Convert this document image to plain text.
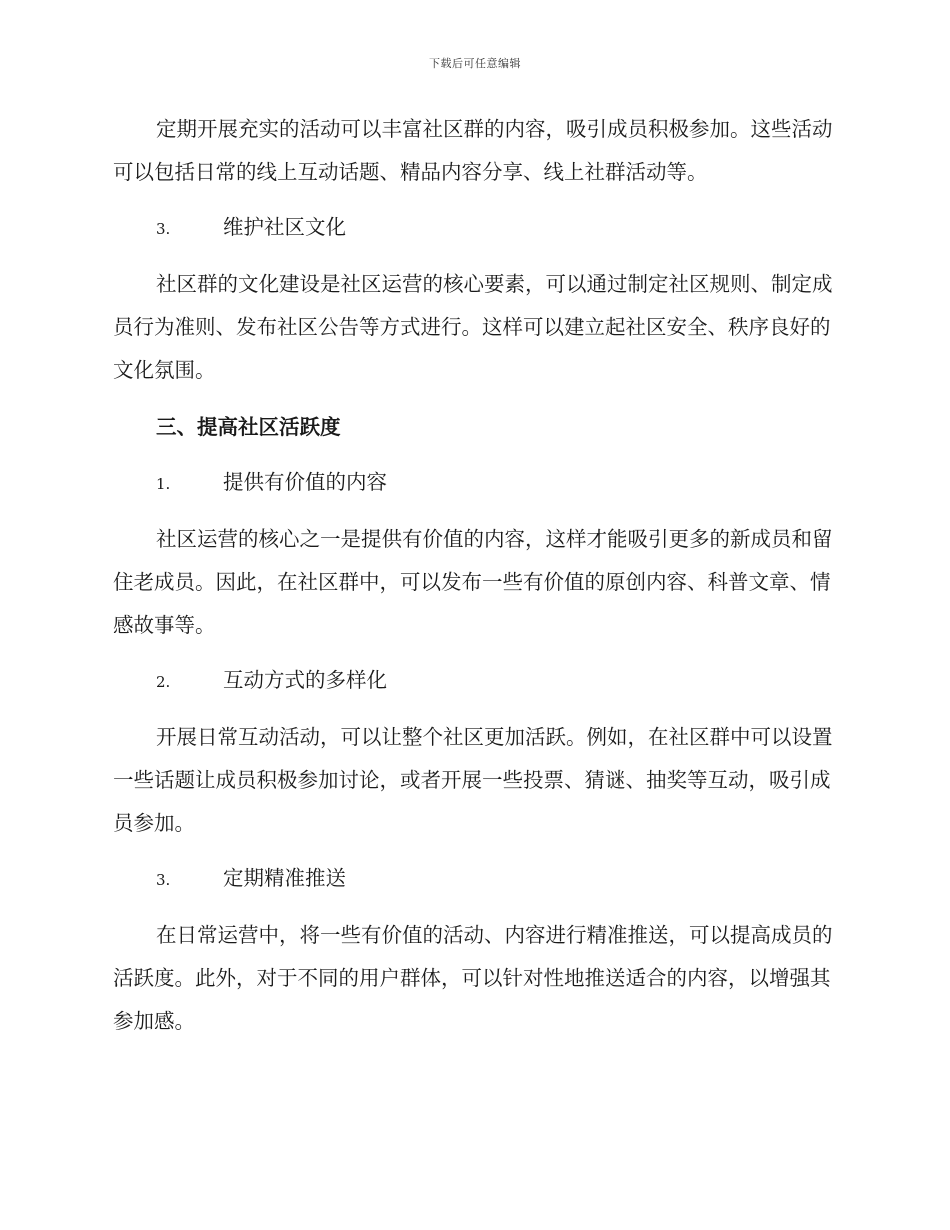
下载后可任意编辑

定期开展充实的活动可以丰富社区群的内容，吸引成员积极参加。这些活动可以包括日常的线上互动话题、精品内容分享、线上社群活动等。

3.	维护社区文化

社区群的文化建设是社区运营的核心要素，可以通过制定社区规则、制定成员行为准则、发布社区公告等方式进行。这样可以建立起社区安全、秩序良好的文化氛围。

三、提高社区活跃度
1.	提供有价值的内容

社区运营的核心之一是提供有价值的内容，这样才能吸引更多的新成员和留住老成员。因此，在社区群中，可以发布一些有价值的原创内容、科普文章、情感故事等。

2.	互动方式的多样化

开展日常互动活动，可以让整个社区更加活跃。例如，在社区群中可以设置一些话题让成员积极参加讨论，或者开展一些投票、猜谜、抽奖等互动，吸引成员参加。

3.	定期精准推送

在日常运营中，将一些有价值的活动、内容进行精准推送，可以提高成员的活跃度。此外，对于不同的用户群体，可以针对性地推送适合的内容，以增强其参加感。
